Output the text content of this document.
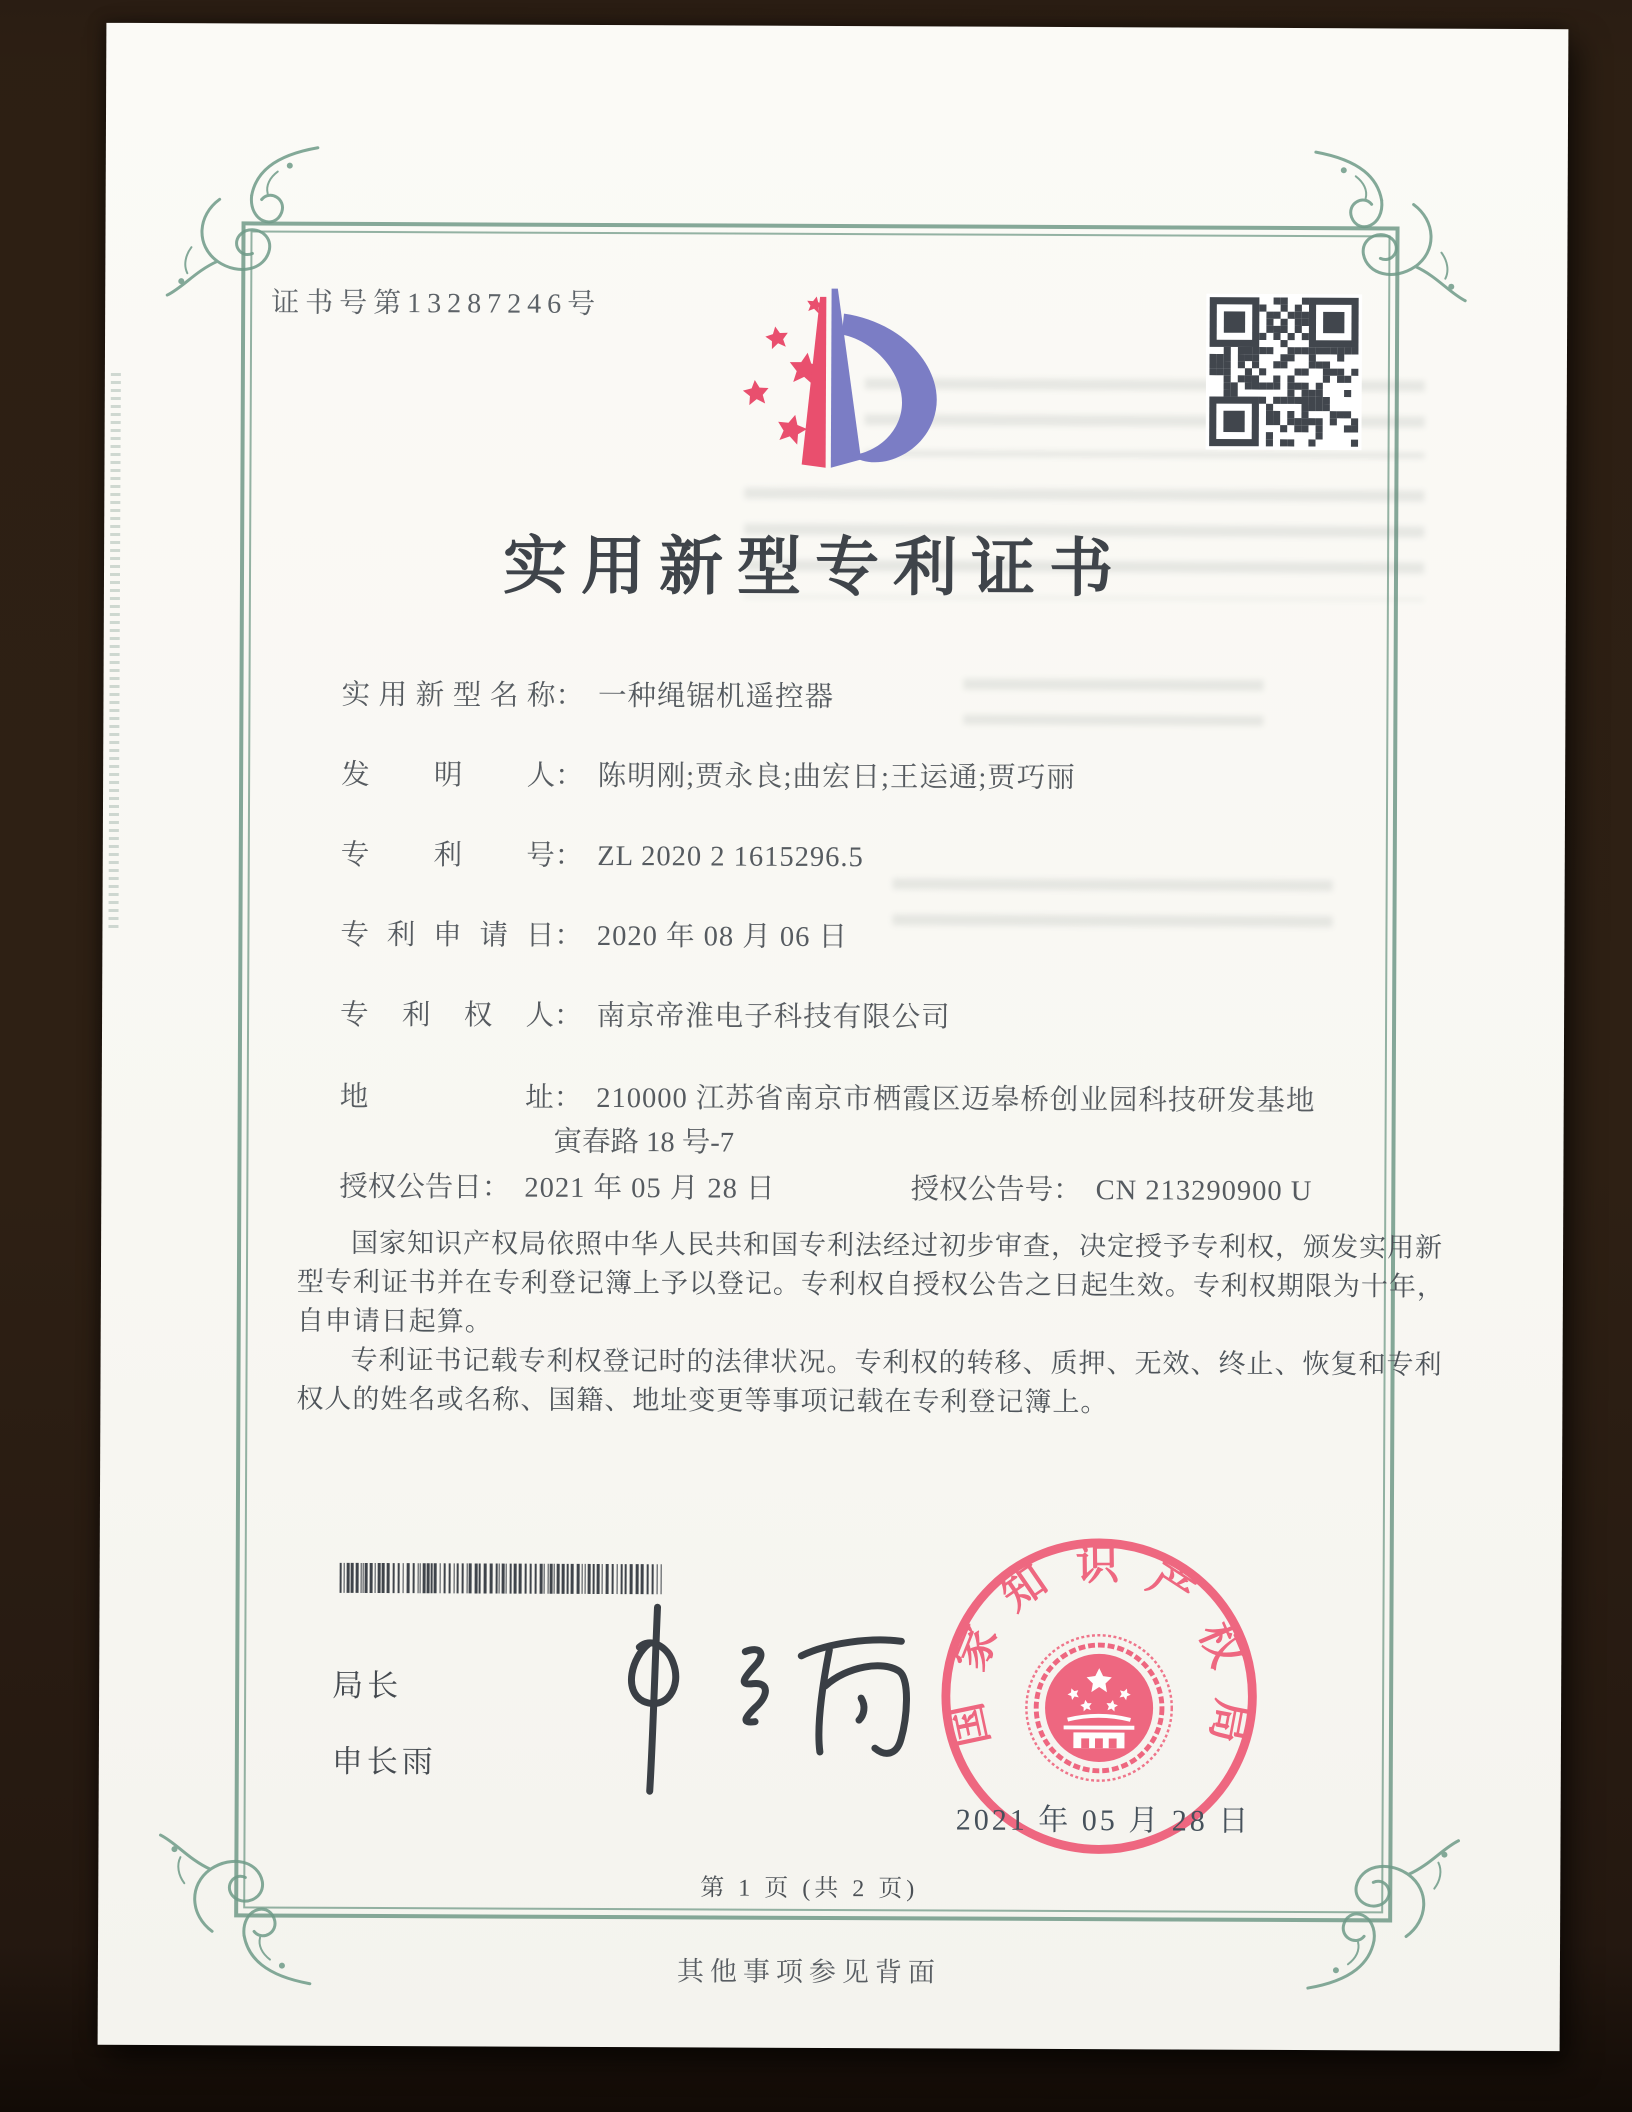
证书号第13287246号
实用新型专利证书
实用新型名称： 一种绳锯机遥控器
发明人： 陈明刚;贾永良;曲宏日;王运通;贾巧丽
专利号： ZL 2020 2 1615296.5
专利申请日： 2020 年 08 月 06 日
专利权人： 南京帝淮电子科技有限公司
地址： 210000 江苏省南京市栖霞区迈皋桥创业园科技研发基地
寅春路 18 号-7
授权公告日： 2021 年 05 月 28 日	授权公告号： CN 213290900 U

国家知识产权局依照中华人民共和国专利法经过初步审查，决定授予专利权，颁发实用新型专利证书并在专利登记簿上予以登记。专利权自授权公告之日起生效。专利权期限为十年，自申请日起算。

专利证书记载专利权登记时的法律状况。专利权的转移、质押、无效、终止、恢复和专利权人的姓名或名称、国籍、地址变更等事项记载在专利登记簿上。

局长
申长雨
国家知识产权局
2021 年 05 月 28 日
第 1 页 (共 2 页)
其他事项参见背面
